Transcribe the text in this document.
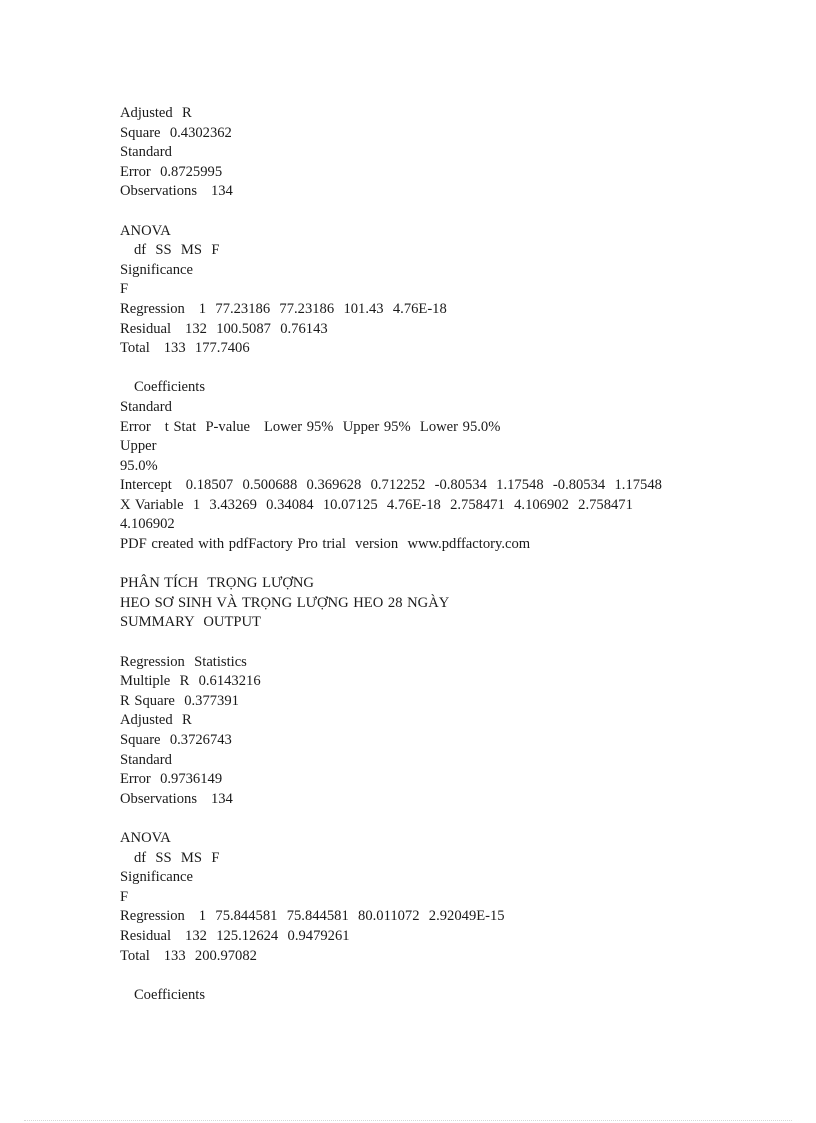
Adjusted  R
Square  0.4302362
Standard
Error  0.8725995
Observations   134
ANOVA
df  SS  MS  F
Significance
F
Regression   1  77.23186  77.23186  101.43  4.76E-18
Residual   132  100.5087  0.76143
Total   133  177.7406
Coefficients
Standard
Error   t Stat  P-value   Lower 95%  Upper 95%  Lower 95.0%
Upper
95.0%
Intercept   0.18507  0.500688  0.369628  0.712252  -0.80534  1.17548  -0.80534  1.17548
X Variable  1  3.43269  0.34084  10.07125  4.76E-18  2.758471  4.106902  2.758471
4.106902
PDF created with pdfFactory Pro trial  version  www.pdffactory.com
PHÂN TÍCH  TRỌNG LƯỢNG
HEO SƠ SINH VÀ TRỌNG LƯỢNG HEO 28 NGÀY
SUMMARY  OUTPUT
Regression  Statistics
Multiple  R  0.6143216
R Square  0.377391
Adjusted  R
Square  0.3726743
Standard
Error  0.9736149
Observations   134
ANOVA
df  SS  MS  F
Significance
F
Regression   1  75.844581  75.844581  80.011072  2.92049E-15
Residual   132  125.12624  0.9479261
Total   133  200.97082
Coefficients
